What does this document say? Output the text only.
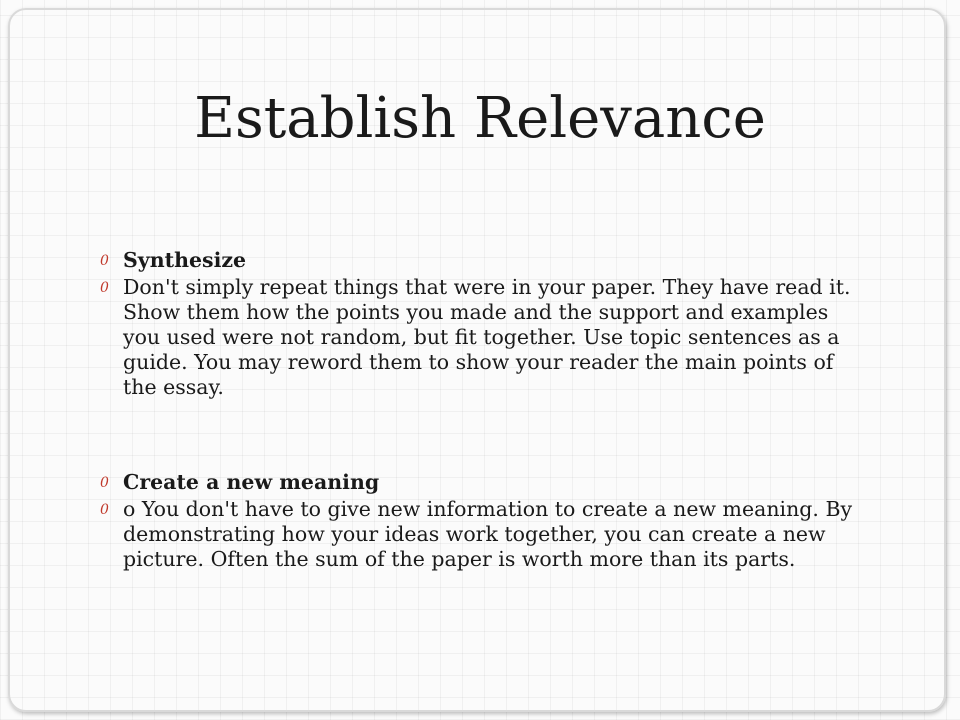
Establish Relevance
0 Synthesize
0 Don't simply repeat things that were in your paper. They have read it. Show them how the points you made and the support and examples you used were not random, but fit together. Use topic sentences as a guide. You may reword them to show your reader the main points of the essay.
0 Create a new meaning
0 o You don't have to give new information to create a new meaning. By demonstrating how your ideas work together, you can create a new picture. Often the sum of the paper is worth more than its parts.
